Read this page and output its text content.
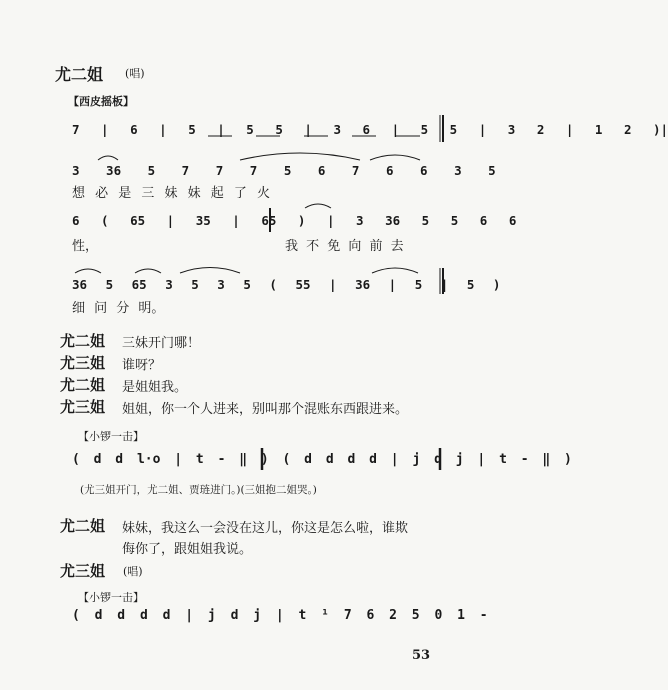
尤二姐 (唱)
【西皮摇板】
7 | 6 | 5 | 5 5 | 3 6 | 5 5 | 3 2 | 1 2 )|
3 36 5 7 7 7 5 6 7 6 6 3 5
想 必 是 三 妹 妹 起 了 火
6 ( 65 | 35 | 65 ) | 3 36 5 5 6 6
性，	我 不 免 向 前 去
36 5 65 3 5 3 5 ( 55 | 36 | 5 | 5 )
细 问 分 明。
尤二姐 三妹开门哪！
尤三姐 谁呀？
尤二姐 是姐姐我。
尤三姐 姐姐，你一个人进来，别叫那个混账东西跟进来。
【小锣一击】
( d d l·o | t - ‖ ) ( d d d d | j d j | t - ‖ )
(尤三姐开门，尤二姐、贾琏进门。)(三姐抱二姐哭。)
尤二姐 妹妹，我这么一会没在这儿，你这是怎么啦，谁欺
侮你了，跟姐姐我说。
尤三姐 (唱)
【小锣一击】
( d d d d | j d j | t ¹ 7 6 2 5 0 1 -
53
